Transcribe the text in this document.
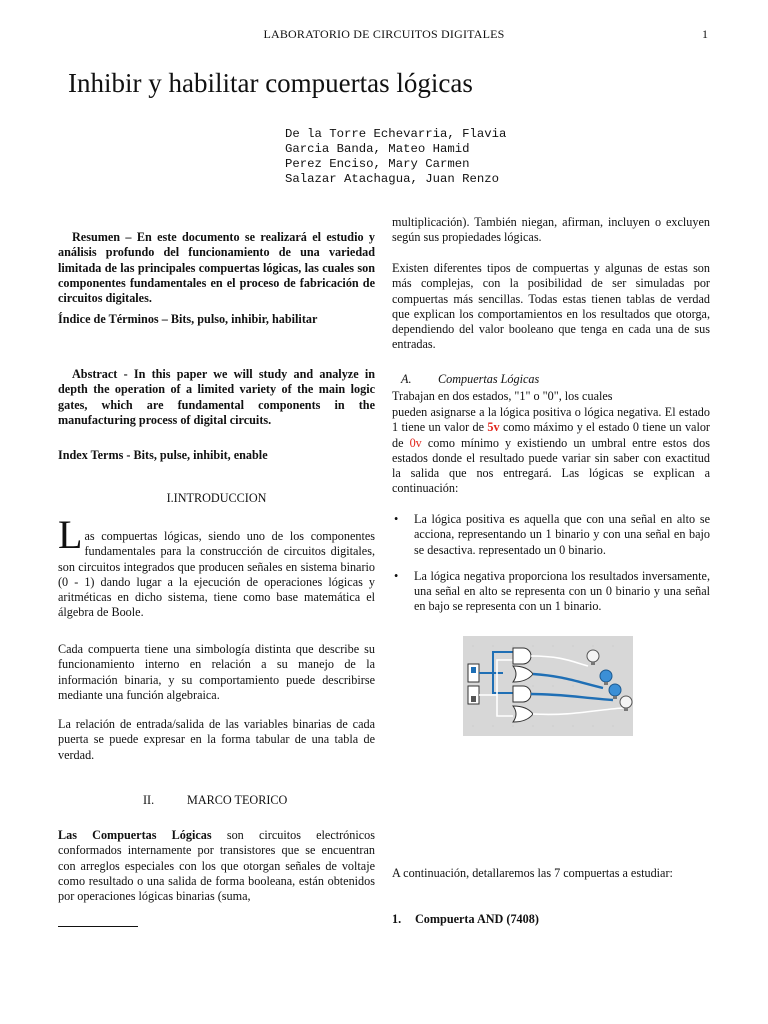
LABORATORIO DE CIRCUITOS DIGITALES	1
Inhibir y habilitar compuertas lógicas
De la Torre Echevarria, Flavia
Garcia Banda, Mateo Hamid
Perez Enciso, Mary Carmen
Salazar Atachagua, Juan Renzo
Resumen – En este documento se realizará el estudio y análisis profundo del funcionamiento de una variedad limitada de las principales compuertas lógicas, las cuales son componentes fundamentales en el proceso de fabricación de circuitos digitales.
Índice de Términos – Bits, pulso, inhibir, habilitar
Abstract - In this paper we will study and analyze in depth the operation of a limited variety of the main logic gates, which are fundamental components in the manufacturing process of digital circuits.
Index Terms - Bits, pulse, inhibit, enable
I.INTRODUCCION
Las compuertas lógicas, siendo uno de los componentes fundamentales para la construcción de circuitos digitales, son circuitos integrados que producen señales en sistema binario (0 - 1) dando lugar a la ejecución de operaciones lógicas y aritméticas en dicho sistema, tiene como base matemática el álgebra de Boole.
Cada compuerta tiene una simbología distinta que describe su funcionamiento interno en relación a su manejo de la información binaria, y su comportamiento puede describirse mediante una función algebraica.
La relación de entrada/salida de las variables binarias de cada puerta se puede expresar en la forma tabular de una tabla de verdad.
II.	MARCO TEORICO
Las Compuertas Lógicas son circuitos electrónicos conformados internamente por transistores que se encuentran con arreglos especiales con los que otorgan señales de voltaje como resultado o una salida de forma booleana, están obtenidos por operaciones lógicas binarias (suma,
multiplicación). También niegan, afirman, incluyen o excluyen según sus propiedades lógicas.
Existen diferentes tipos de compuertas y algunas de estas son más complejas, con la posibilidad de ser simuladas por compuertas más sencillas. Todas estas tienen tablas de verdad que explican los comportamientos en los resultados que otorga, dependiendo del valor booleano que tenga en cada una de sus entradas.
A. Compuertas Lógicas
Trabajan en dos estados, "1" o "0", los cuales
pueden asignarse a la lógica positiva o lógica negativa. El estado 1 tiene un valor de 5v como máximo y el estado 0 tiene un valor de 0v como mínimo y existiendo un umbral entre estos dos estados donde el resultado puede variar sin saber con exactitud la salida que nos entregará. Las lógicas se explican a continuación:
• La lógica positiva es aquella que con una señal en alto se acciona, representando un 1 binario y con una señal en bajo se desactiva. representado un 0 binario.
• La lógica negativa proporciona los resultados inversamente, una señal en alto se representa con un 0 binario y una señal en bajo se representa con un 1 binario.
A continuación, detallaremos las 7 compuertas a estudiar:
1. Compuerta AND (7408)
